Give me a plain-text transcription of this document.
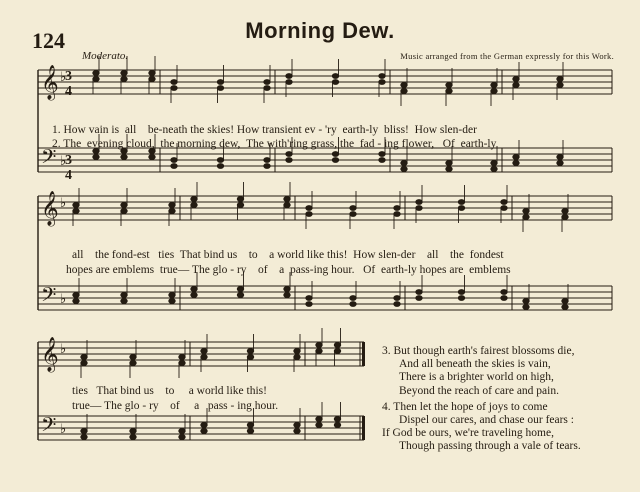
124	Morning Dew.
Moderato.	Music arranged from the German expressly for this Work.
𝄞
𝄢
♭
♭
𝄞
𝄢
♭
♭
𝄞
𝄢
♭
♭
3
4
3
4
1. How vain is  all    be-neath the skies! How transient ev - 'ry  earth-ly  bliss!  How slen-der
2. The  evening cloud,  the morning dew,  The with'ring grass, the  fad - ing flower,   Of  earth-ly
all    the fond-est   ties  That bind us    to    a world like this!  How slen-der    all    the  fondest
hopes are emblems  true— The glo - ry    of    a  pass-ing hour.   Of  earth-ly hopes are  emblems
ties   That bind us    to     a world like this!
true— The glo - ry    of     a   pass - ing hour.
3. But though earth's fairest blossoms die,
And all beneath the skies is vain,
There is a brighter world on high,
Beyond the reach of care and pain.
4. Then let the hope of joys to come
Dispel our cares, and chase our fears :
If God be ours, we're traveling home,
Though passing through a vale of tears.
